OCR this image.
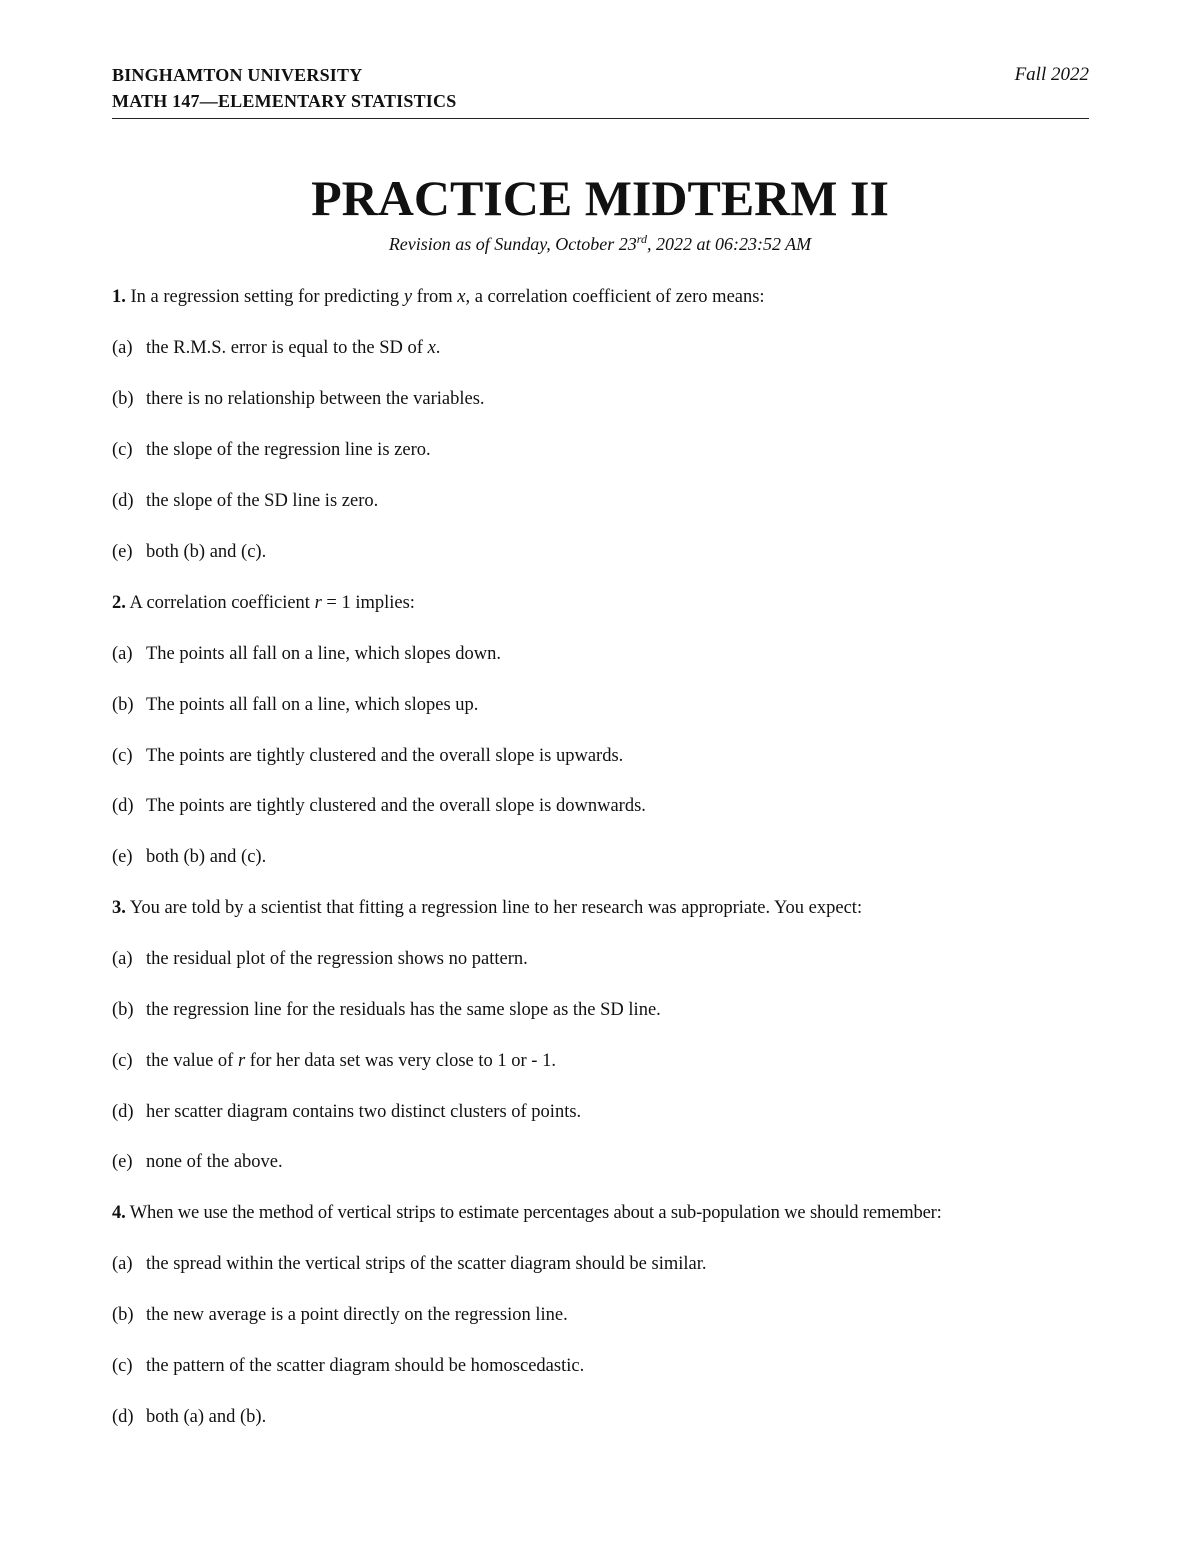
BINGHAMTON UNIVERSITY
MATH 147—ELEMENTARY STATISTICS
Fall 2022
PRACTICE MIDTERM II
Revision as of Sunday, October 23rd, 2022 at 06:23:52 AM
1. In a regression setting for predicting y from x, a correlation coefficient of zero means:
(a) the R.M.S. error is equal to the SD of x.
(b) there is no relationship between the variables.
(c) the slope of the regression line is zero.
(d) the slope of the SD line is zero.
(e) both (b) and (c).
2. A correlation coefficient r = 1 implies:
(a) The points all fall on a line, which slopes down.
(b) The points all fall on a line, which slopes up.
(c) The points are tightly clustered and the overall slope is upwards.
(d) The points are tightly clustered and the overall slope is downwards.
(e) both (b) and (c).
3. You are told by a scientist that fitting a regression line to her research was appropriate. You expect:
(a) the residual plot of the regression shows no pattern.
(b) the regression line for the residuals has the same slope as the SD line.
(c) the value of r for her data set was very close to 1 or - 1.
(d) her scatter diagram contains two distinct clusters of points.
(e) none of the above.
4. When we use the method of vertical strips to estimate percentages about a sub-population we should remember:
(a) the spread within the vertical strips of the scatter diagram should be similar.
(b) the new average is a point directly on the regression line.
(c) the pattern of the scatter diagram should be homoscedastic.
(d) both (a) and (b).
